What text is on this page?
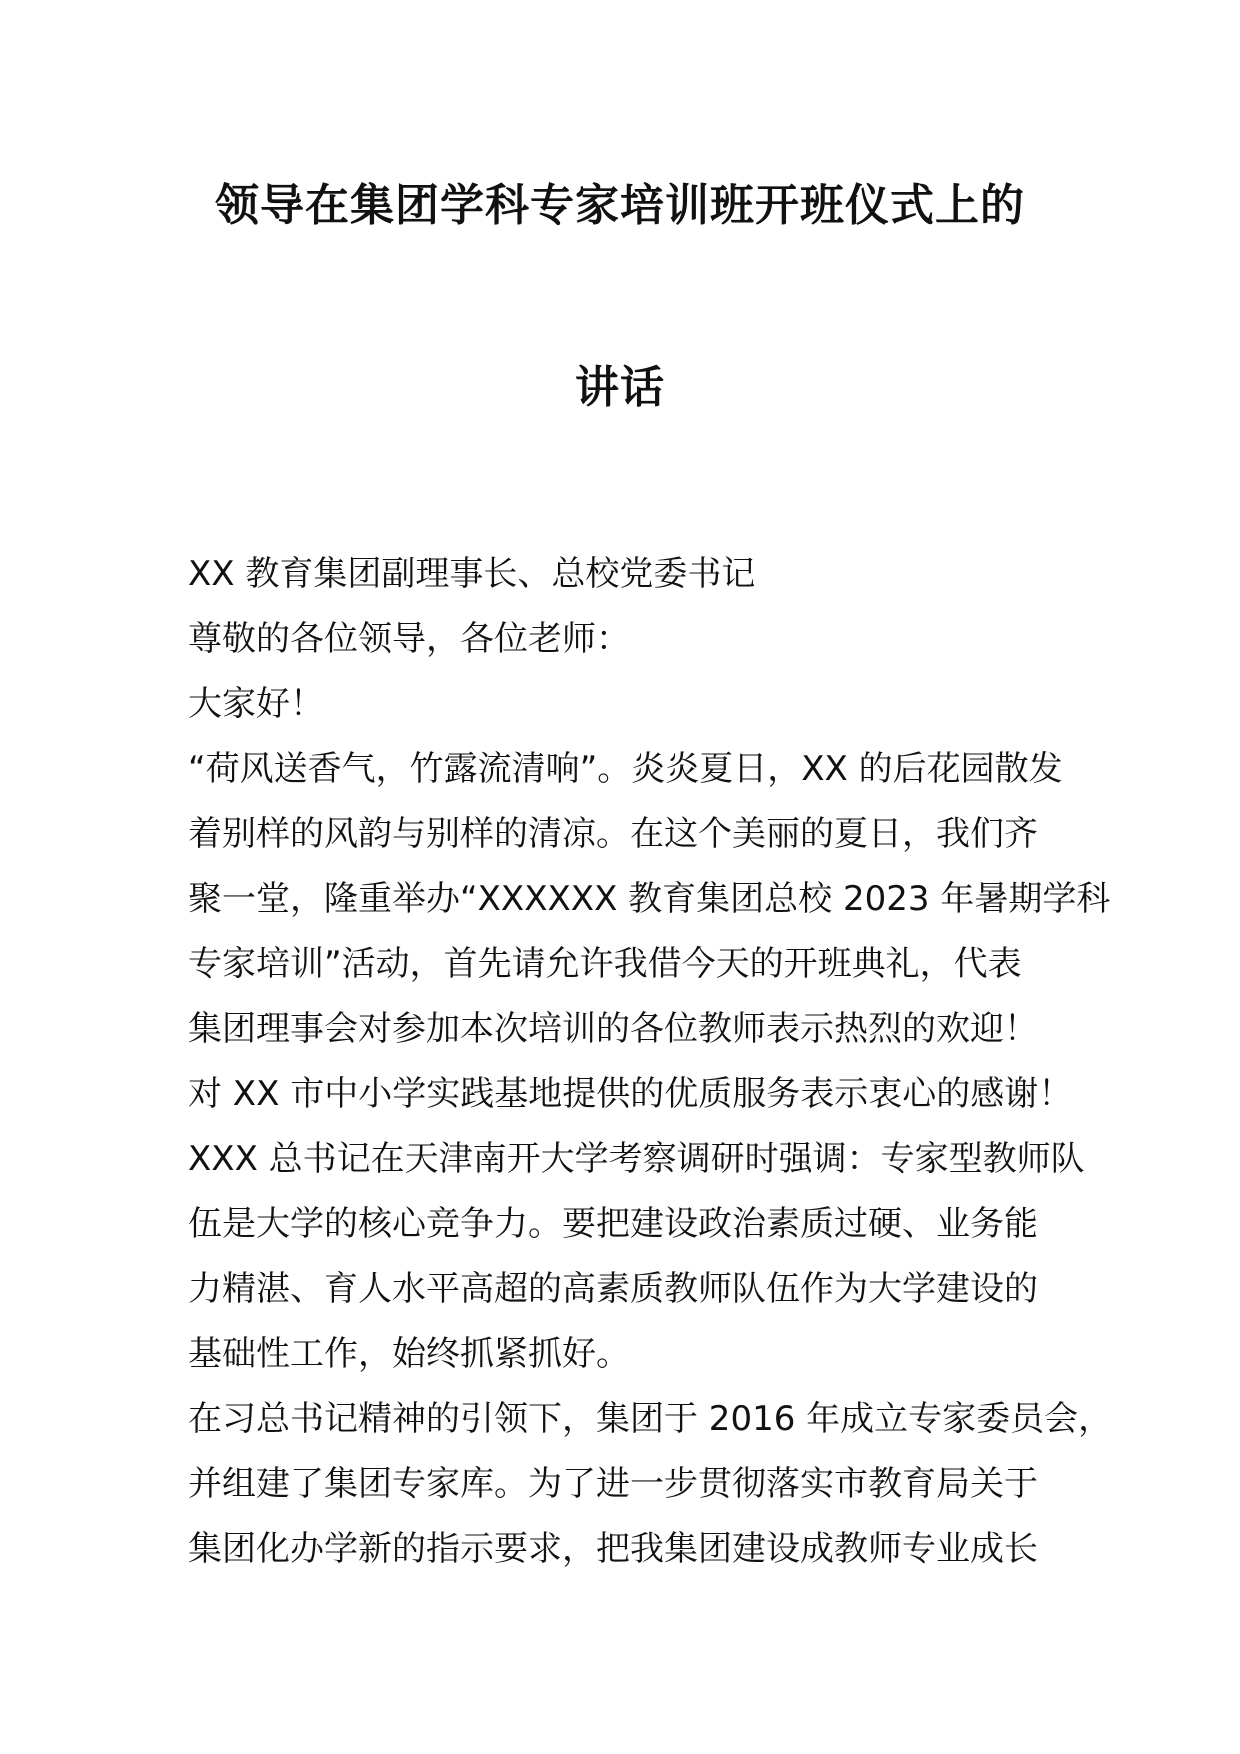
领导在集团学科专家培训班开班仪式上的
讲话
XX 教育集团副理事长、总校党委书记
尊敬的各位领导，各位老师：
大家好！
“荷风送香气，竹露流清响”。炎炎夏日，XX 的后花园散发
着别样的风韵与别样的清凉。在这个美丽的夏日，我们齐
聚一堂，隆重举办“XXXXXX 教育集团总校 2023 年暑期学科
专家培训”活动，首先请允许我借今天的开班典礼，代表
集团理事会对参加本次培训的各位教师表示热烈的欢迎！
对 XX 市中小学实践基地提供的优质服务表示衷心的感谢！
XXX 总书记在天津南开大学考察调研时强调：专家型教师队
伍是大学的核心竞争力。要把建设政治素质过硬、业务能
力精湛、育人水平高超的高素质教师队伍作为大学建设的
基础性工作，始终抓紧抓好。
在习总书记精神的引领下，集团于 2016 年成立专家委员会，
并组建了集团专家库。为了进一步贯彻落实市教育局关于
集团化办学新的指示要求，把我集团建设成教师专业成长
